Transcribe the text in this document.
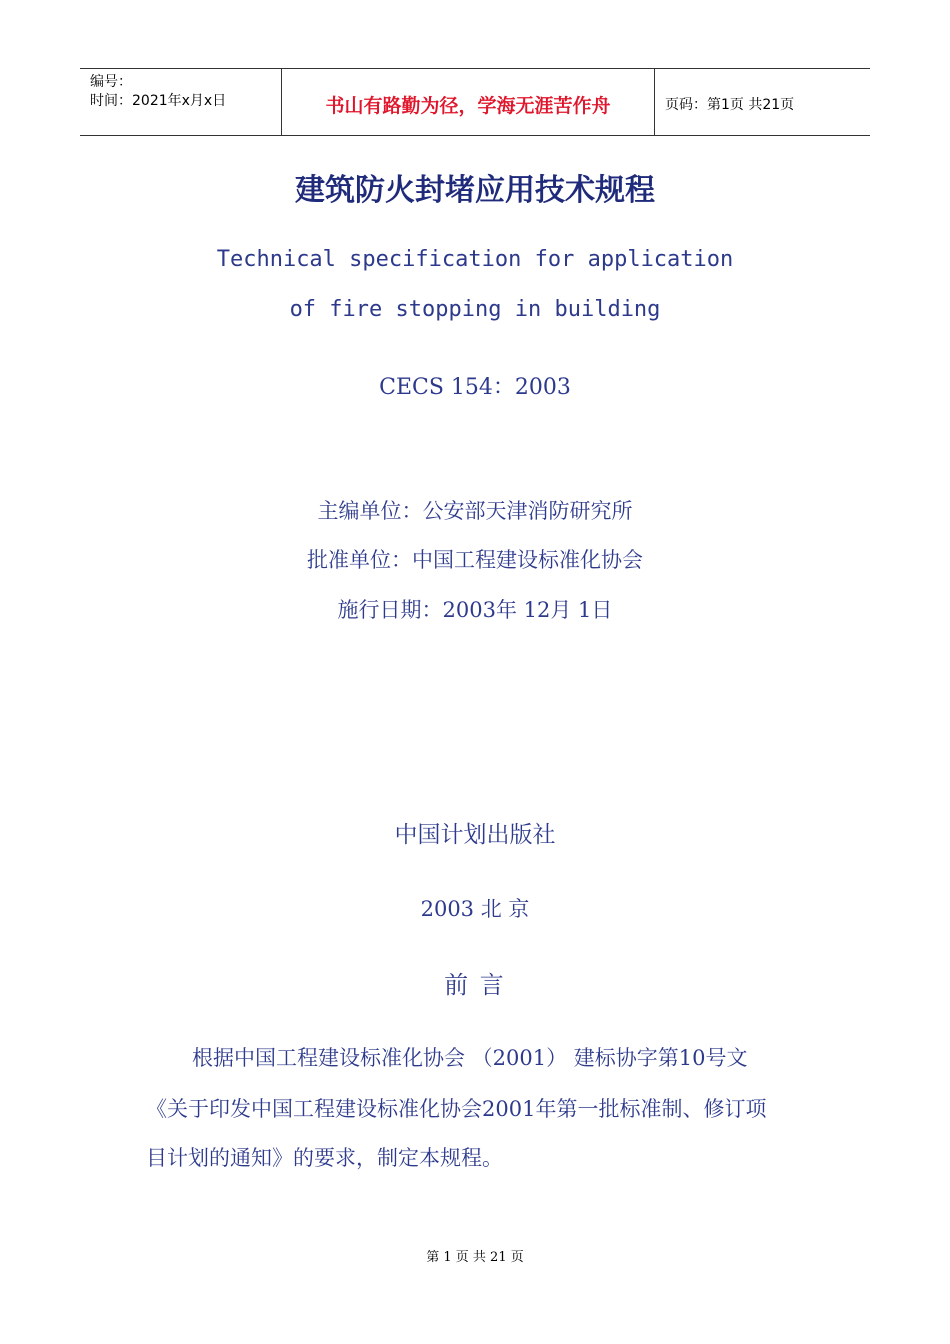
编号：
时间：2021年x月x日	书山有路勤为径，学海无涯苦作舟	页码：第1页 共21页
建筑防火封堵应用技术规程
Technical specification for application
of fire stopping in building
CECS 154：2003
主编单位：公安部天津消防研究所
批准单位：中国工程建设标准化协会
施行日期：2003年 12月 1日
中国计划出版社
2003 北 京
前 言
根据中国工程建设标准化协会 （2001） 建标协字第10号文
《关于印发中国工程建设标准化协会2001年第一批标准制、修订项
目计划的通知》的要求，制定本规程。
第 1 页 共 21 页
